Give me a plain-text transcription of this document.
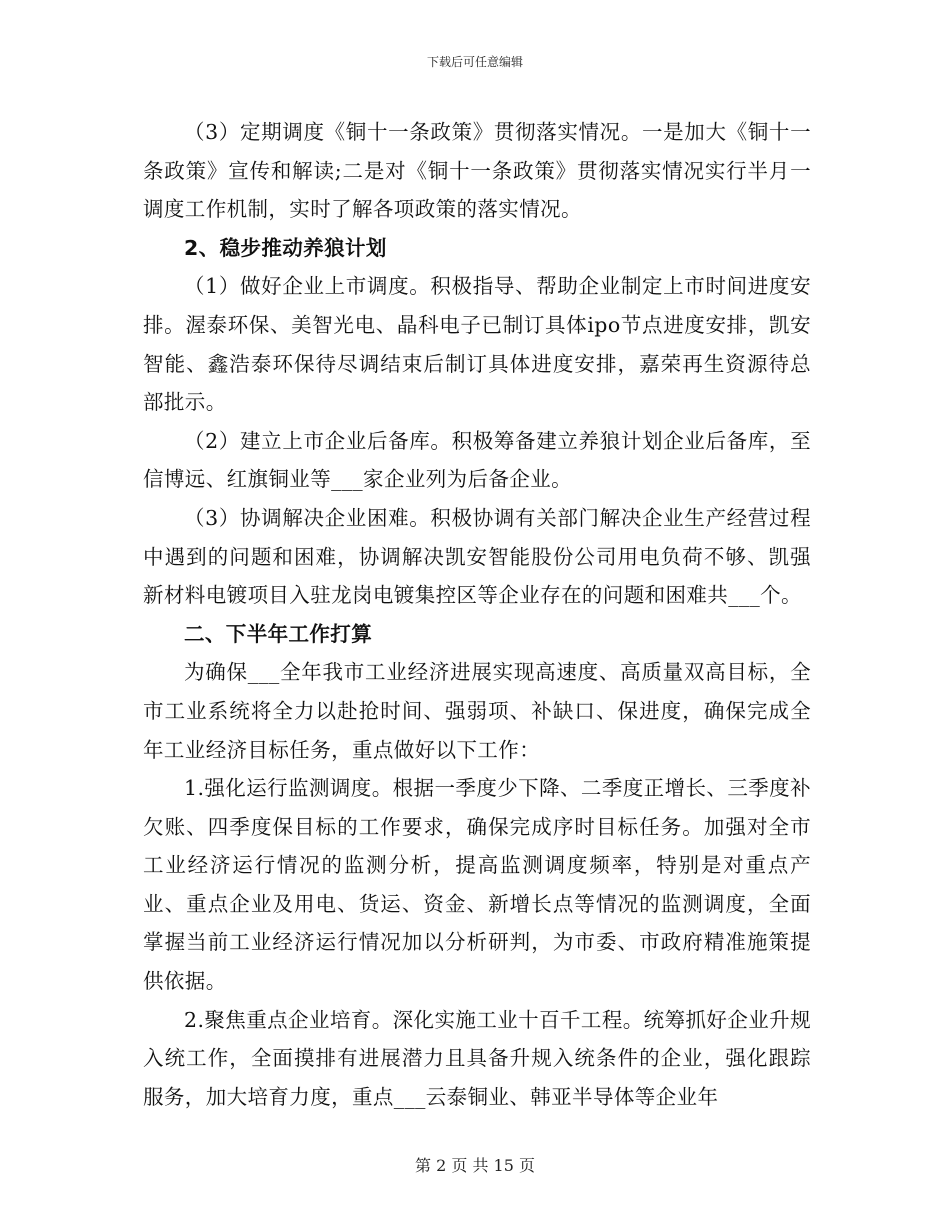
下载后可任意编辑

（3）定期调度《铜十一条政策》贯彻落实情况。一是加大《铜十一条政策》宣传和解读;二是对《铜十一条政策》贯彻落实情况实行半月一调度工作机制，实时了解各项政策的落实情况。

2、稳步推动养狼计划

（1）做好企业上市调度。积极指导、帮助企业制定上市时间进度安排。渥泰环保、美智光电、晶科电子已制订具体ipo节点进度安排，凯安智能、鑫浩泰环保待尽调结束后制订具体进度安排，嘉荣再生资源待总部批示。

（2）建立上市企业后备库。积极筹备建立养狼计划企业后备库，至信博远、红旗铜业等___家企业列为后备企业。

（3）协调解决企业困难。积极协调有关部门解决企业生产经营过程中遇到的问题和困难，协调解决凯安智能股份公司用电负荷不够、凯强新材料电镀项目入驻龙岗电镀集控区等企业存在的问题和困难共___个。

二、下半年工作打算

为确保___全年我市工业经济进展实现高速度、高质量双高目标，全市工业系统将全力以赴抢时间、强弱项、补缺口、保进度，确保完成全年工业经济目标任务，重点做好以下工作：

1.强化运行监测调度。根据一季度少下降、二季度正增长、三季度补欠账、四季度保目标的工作要求，确保完成序时目标任务。加强对全市工业经济运行情况的监测分析，提高监测调度频率，特别是对重点产业、重点企业及用电、货运、资金、新增长点等情况的监测调度，全面掌握当前工业经济运行情况加以分析研判，为市委、市政府精准施策提供依据。

2.聚焦重点企业培育。深化实施工业十百千工程。统筹抓好企业升规入统工作，全面摸排有进展潜力且具备升规入统条件的企业，强化跟踪服务，加大培育力度，重点___云泰铜业、韩亚半导体等企业年

第 2 页 共 15 页
